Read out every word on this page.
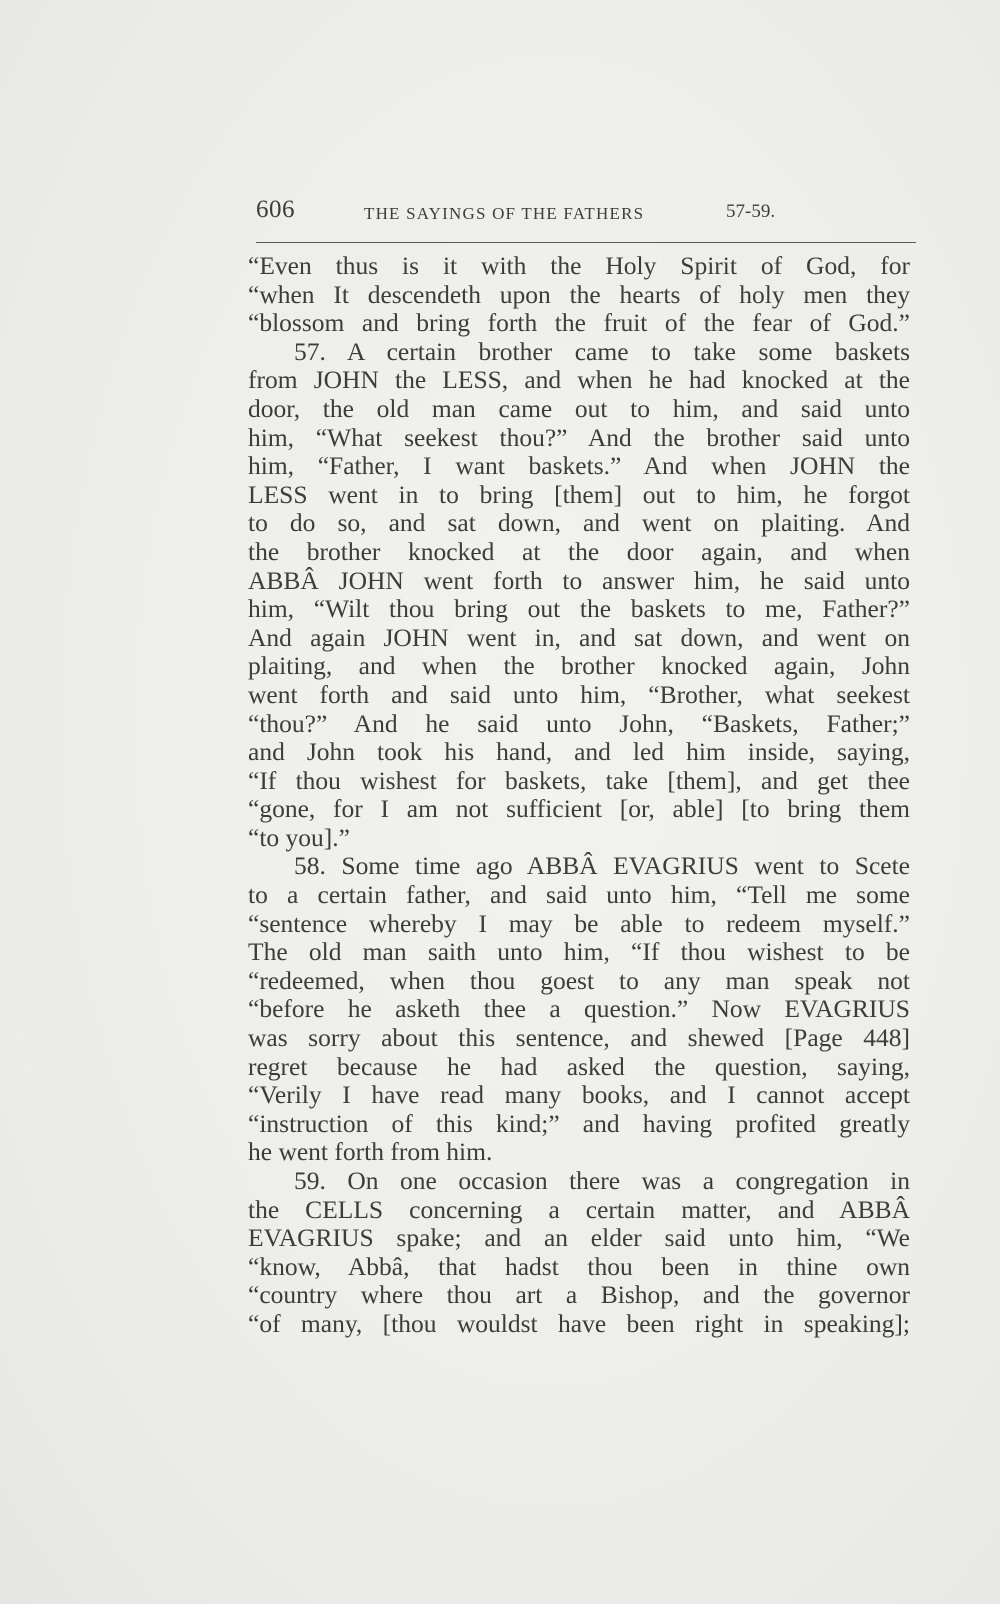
606	THE SAYINGS OF THE FATHERS	57-59.
“Even thus is it with the Holy Spirit of God, for
“when It descendeth upon the hearts of holy men they
“blossom and bring forth the fruit of the fear of God.”
57. A certain brother came to take some baskets
from JOHN the LESS, and when he had knocked at the
door, the old man came out to him, and said unto
him, “What seekest thou?” And the brother said unto
him, “Father, I want baskets.” And when JOHN the
LESS went in to bring [them] out to him, he forgot
to do so, and sat down, and went on plaiting. And
the brother knocked at the door again, and when
ABBÂ JOHN went forth to answer him, he said unto
him, “Wilt thou bring out the baskets to me, Father?”
And again JOHN went in, and sat down, and went on
plaiting, and when the brother knocked again, John
went forth and said unto him, “Brother, what seekest
“thou?” And he said unto John, “Baskets, Father;”
and John took his hand, and led him inside, saying,
“If thou wishest for baskets, take [them], and get thee
“gone, for I am not sufficient [or, able] [to bring them
“to you].”
58. Some time ago ABBÂ EVAGRIUS went to Scete
to a certain father, and said unto him, “Tell me some
“sentence whereby I may be able to redeem myself.”
The old man saith unto him, “If thou wishest to be
“redeemed, when thou goest to any man speak not
“before he asketh thee a question.” Now EVAGRIUS
was sorry about this sentence, and shewed [Page 448]
regret because he had asked the question, saying,
“Verily I have read many books, and I cannot accept
“instruction of this kind;” and having profited greatly
he went forth from him.
59. On one occasion there was a congregation in
the CELLS concerning a certain matter, and ABBÂ
EVAGRIUS spake; and an elder said unto him, “We
“know, Abbâ, that hadst thou been in thine own
“country where thou art a Bishop, and the governor
“of many, [thou wouldst have been right in speaking];
